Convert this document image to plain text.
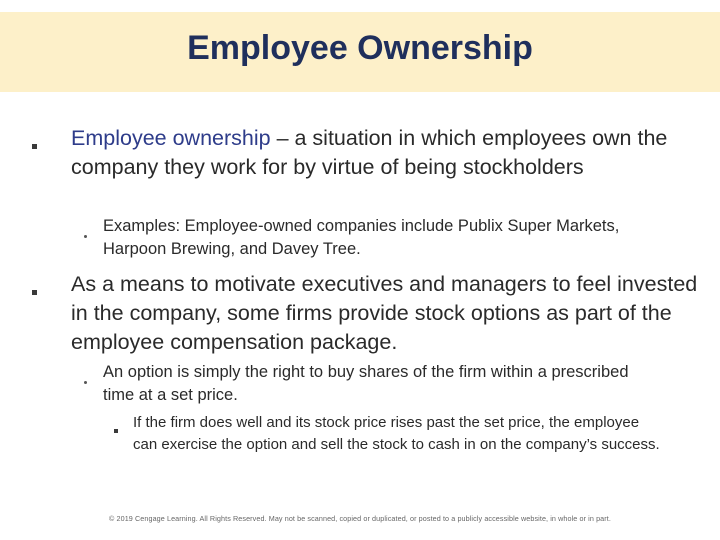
Employee Ownership
Employee ownership – a situation in which employees own the company they work for by virtue of being stockholders
Examples: Employee-owned companies include Publix Super Markets, Harpoon Brewing, and Davey Tree.
As a means to motivate executives and managers to feel invested in the company, some firms provide stock options as part of the employee compensation package.
An option is simply the right to buy shares of the firm within a prescribed time at a set price.
If the firm does well and its stock price rises past the set price, the employee can exercise the option and sell the stock to cash in on the company’s success.
© 2019 Cengage Learning. All Rights Reserved. May not be scanned, copied or duplicated, or posted to a publicly accessible website, in whole or in part.
